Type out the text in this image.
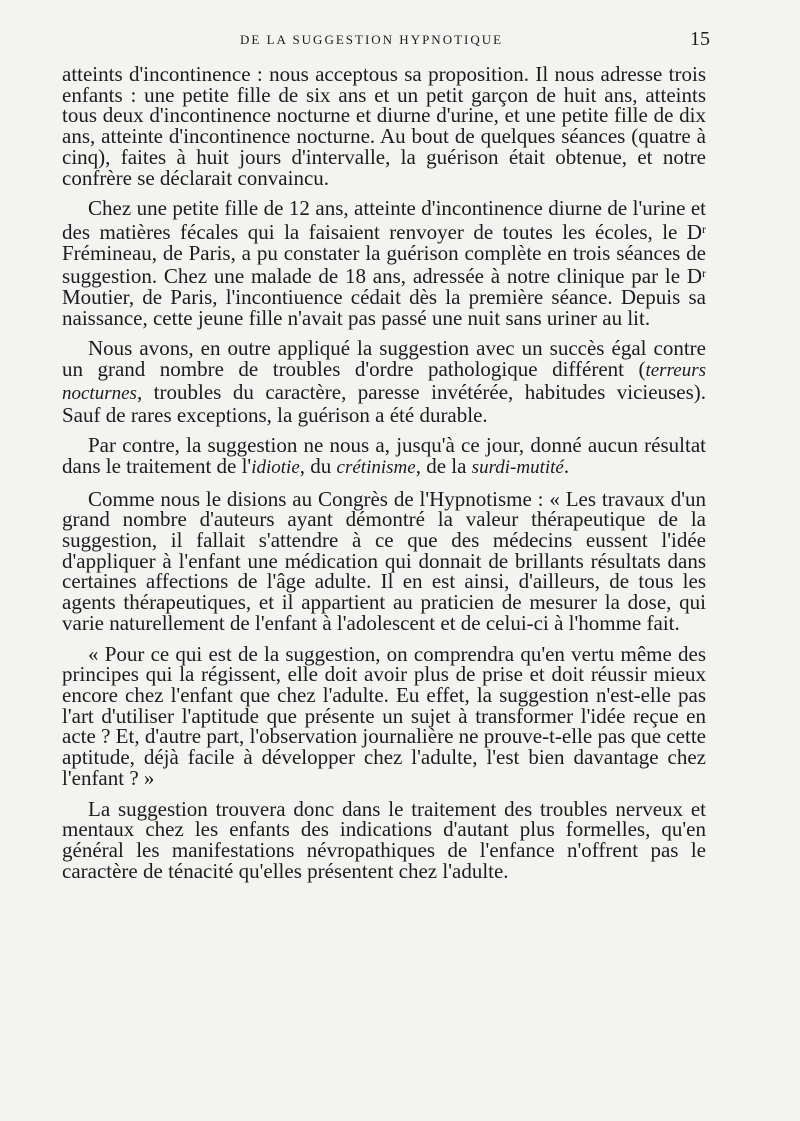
DE LA SUGGESTION HYPNOTIQUE	15

atteints d'incontinence : nous acceptous sa proposition. Il nous adresse trois enfants : une petite fille de six ans et un petit garçon de huit ans, atteints tous deux d'incontinence nocturne et diurne d'urine, et une petite fille de dix ans, atteinte d'incontinence nocturne. Au bout de quelques séances (quatre à cinq), faites à huit jours d'intervalle, la guérison était obtenue, et notre confrère se déclarait convaincu.

Chez une petite fille de 12 ans, atteinte d'incontinence diurne de l'urine et des matières fécales qui la faisaient renvoyer de toutes les écoles, le $D^r$ Frémineau, de Paris, a pu constater la guérison complète en trois séances de suggestion. Chez une malade de 18 ans, adressée à notre clinique par le $D^r$ Moutier, de Paris, l'incontiuence cédait dès la première séance. Depuis sa naissance, cette jeune fille n'avait pas passé une nuit sans uriner au lit.

Nous avons, en outre appliqué la suggestion avec un succès égal contre un grand nombre de troubles d'ordre pathologique différent (terreurs nocturnes, troubles du caractère, paresse invétérée, habitudes vicieuses). Sauf de rares exceptions, la guérison a été durable.

Par contre, la suggestion ne nous a, jusqu'à ce jour, donné aucun résultat dans le traitement de l'idiotie, du crétinisme, de la surdi-mutité.

Comme nous le disions au Congrès de l'Hypnotisme : « Les travaux d'un grand nombre d'auteurs ayant démontré la valeur thérapeutique de la suggestion, il fallait s'attendre à ce que des médecins eussent l'idée d'appliquer à l'enfant une médication qui donnait de brillants résultats dans certaines affections de l'âge adulte. Il en est ainsi, d'ailleurs, de tous les agents thérapeutiques, et il appartient au praticien de mesurer la dose, qui varie naturellement de l'enfant à l'adolescent et de celui-ci à l'homme fait.

« Pour ce qui est de la suggestion, on comprendra qu'en vertu même des principes qui la régissent, elle doit avoir plus de prise et doit réussir mieux encore chez l'enfant que chez l'adulte. Eu effet, la suggestion n'est-elle pas l'art d'utiliser l'aptitude que présente un sujet à transformer l'idée reçue en acte ? Et, d'autre part, l'observation journalière ne prouve-t-elle pas que cette aptitude, déjà facile à développer chez l'adulte, l'est bien davantage chez l'enfant ? »

La suggestion trouvera donc dans le traitement des troubles nerveux et mentaux chez les enfants des indications d'autant plus formelles, qu'en général les manifestations névropathiques de l'enfance n'offrent pas le caractère de ténacité qu'elles présentent chez l'adulte.
